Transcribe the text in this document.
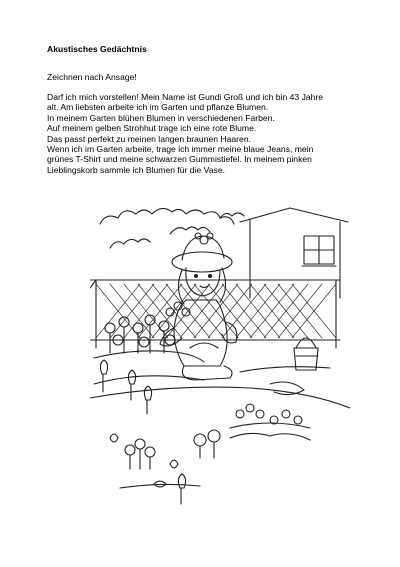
Akustisches Gedächtnis
Zeichnen nach Ansage!
Darf ich mich vorstellen! Mein Name ist Gundi Groß und ich bin 43 Jahre
alt. Am liebsten arbeite ich im Garten und pflanze Blumen.
In meinem Garten blühen Blumen in verschiedenen Farben.
Auf meinem gelben Strohhut trage ich eine rote Blume.
Das passt perfekt zu meinen langen braunen Haaren.
Wenn ich im Garten arbeite, trage ich immer meine blaue Jeans, mein
grünes T-Shirt und meine schwarzen Gummistiefel. In meinem pinken
Lieblingskorb sammle ich Blumen für die Vase.
